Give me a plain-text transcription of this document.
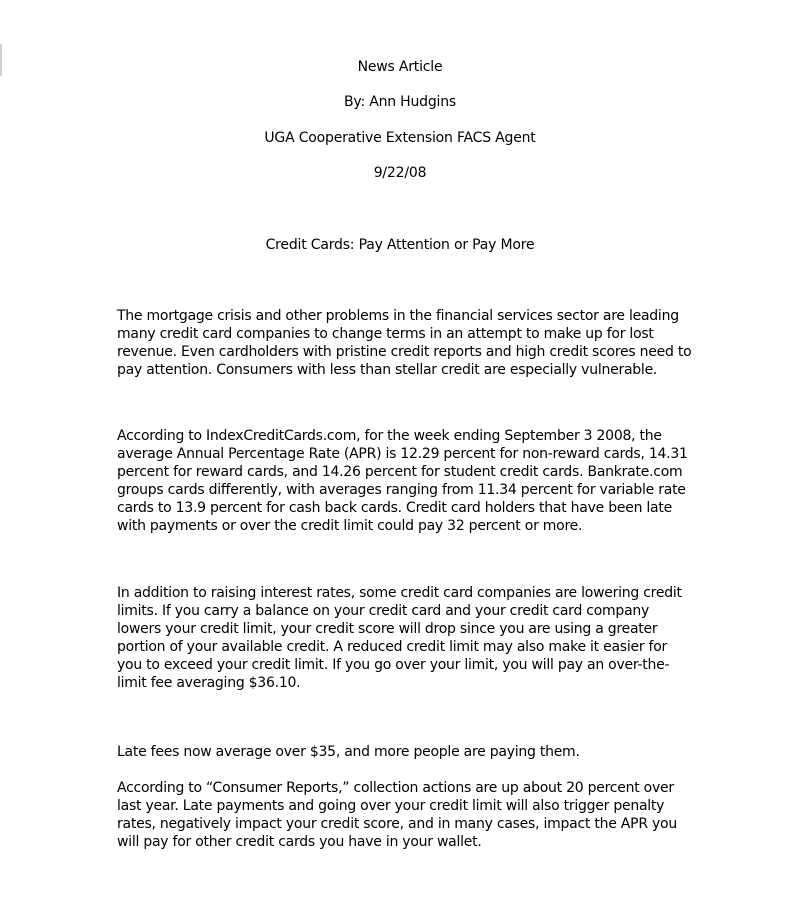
News Article
By: Ann Hudgins
UGA Cooperative Extension FACS Agent
9/22/08
Credit Cards: Pay Attention or Pay More

The mortgage crisis and other problems in the financial services sector are leading many credit card companies to change terms in an attempt to make up for lost revenue. Even cardholders with pristine credit reports and high credit scores need to pay attention. Consumers with less than stellar credit are especially vulnerable.

According to IndexCreditCards.com, for the week ending September 3 2008, the average Annual Percentage Rate (APR) is 12.29 percent for non-reward cards, 14.31 percent for reward cards, and 14.26 percent for student credit cards. Bankrate.com groups cards differently, with averages ranging from 11.34 percent for variable rate cards to 13.9 percent for cash back cards. Credit card holders that have been late with payments or over the credit limit could pay 32 percent or more.

In addition to raising interest rates, some credit card companies are lowering credit limits. If you carry a balance on your credit card and your credit card company lowers your credit limit, your credit score will drop since you are using a greater portion of your available credit. A reduced credit limit may also make it easier for you to exceed your credit limit. If you go over your limit, you will pay an over-the-limit fee averaging $36.10.

Late fees now average over $35, and more people are paying them.

According to “Consumer Reports,” collection actions are up about 20 percent over last year. Late payments and going over your credit limit will also trigger penalty rates, negatively impact your credit score, and in many cases, impact the APR you will pay for other credit cards you have in your wallet.
